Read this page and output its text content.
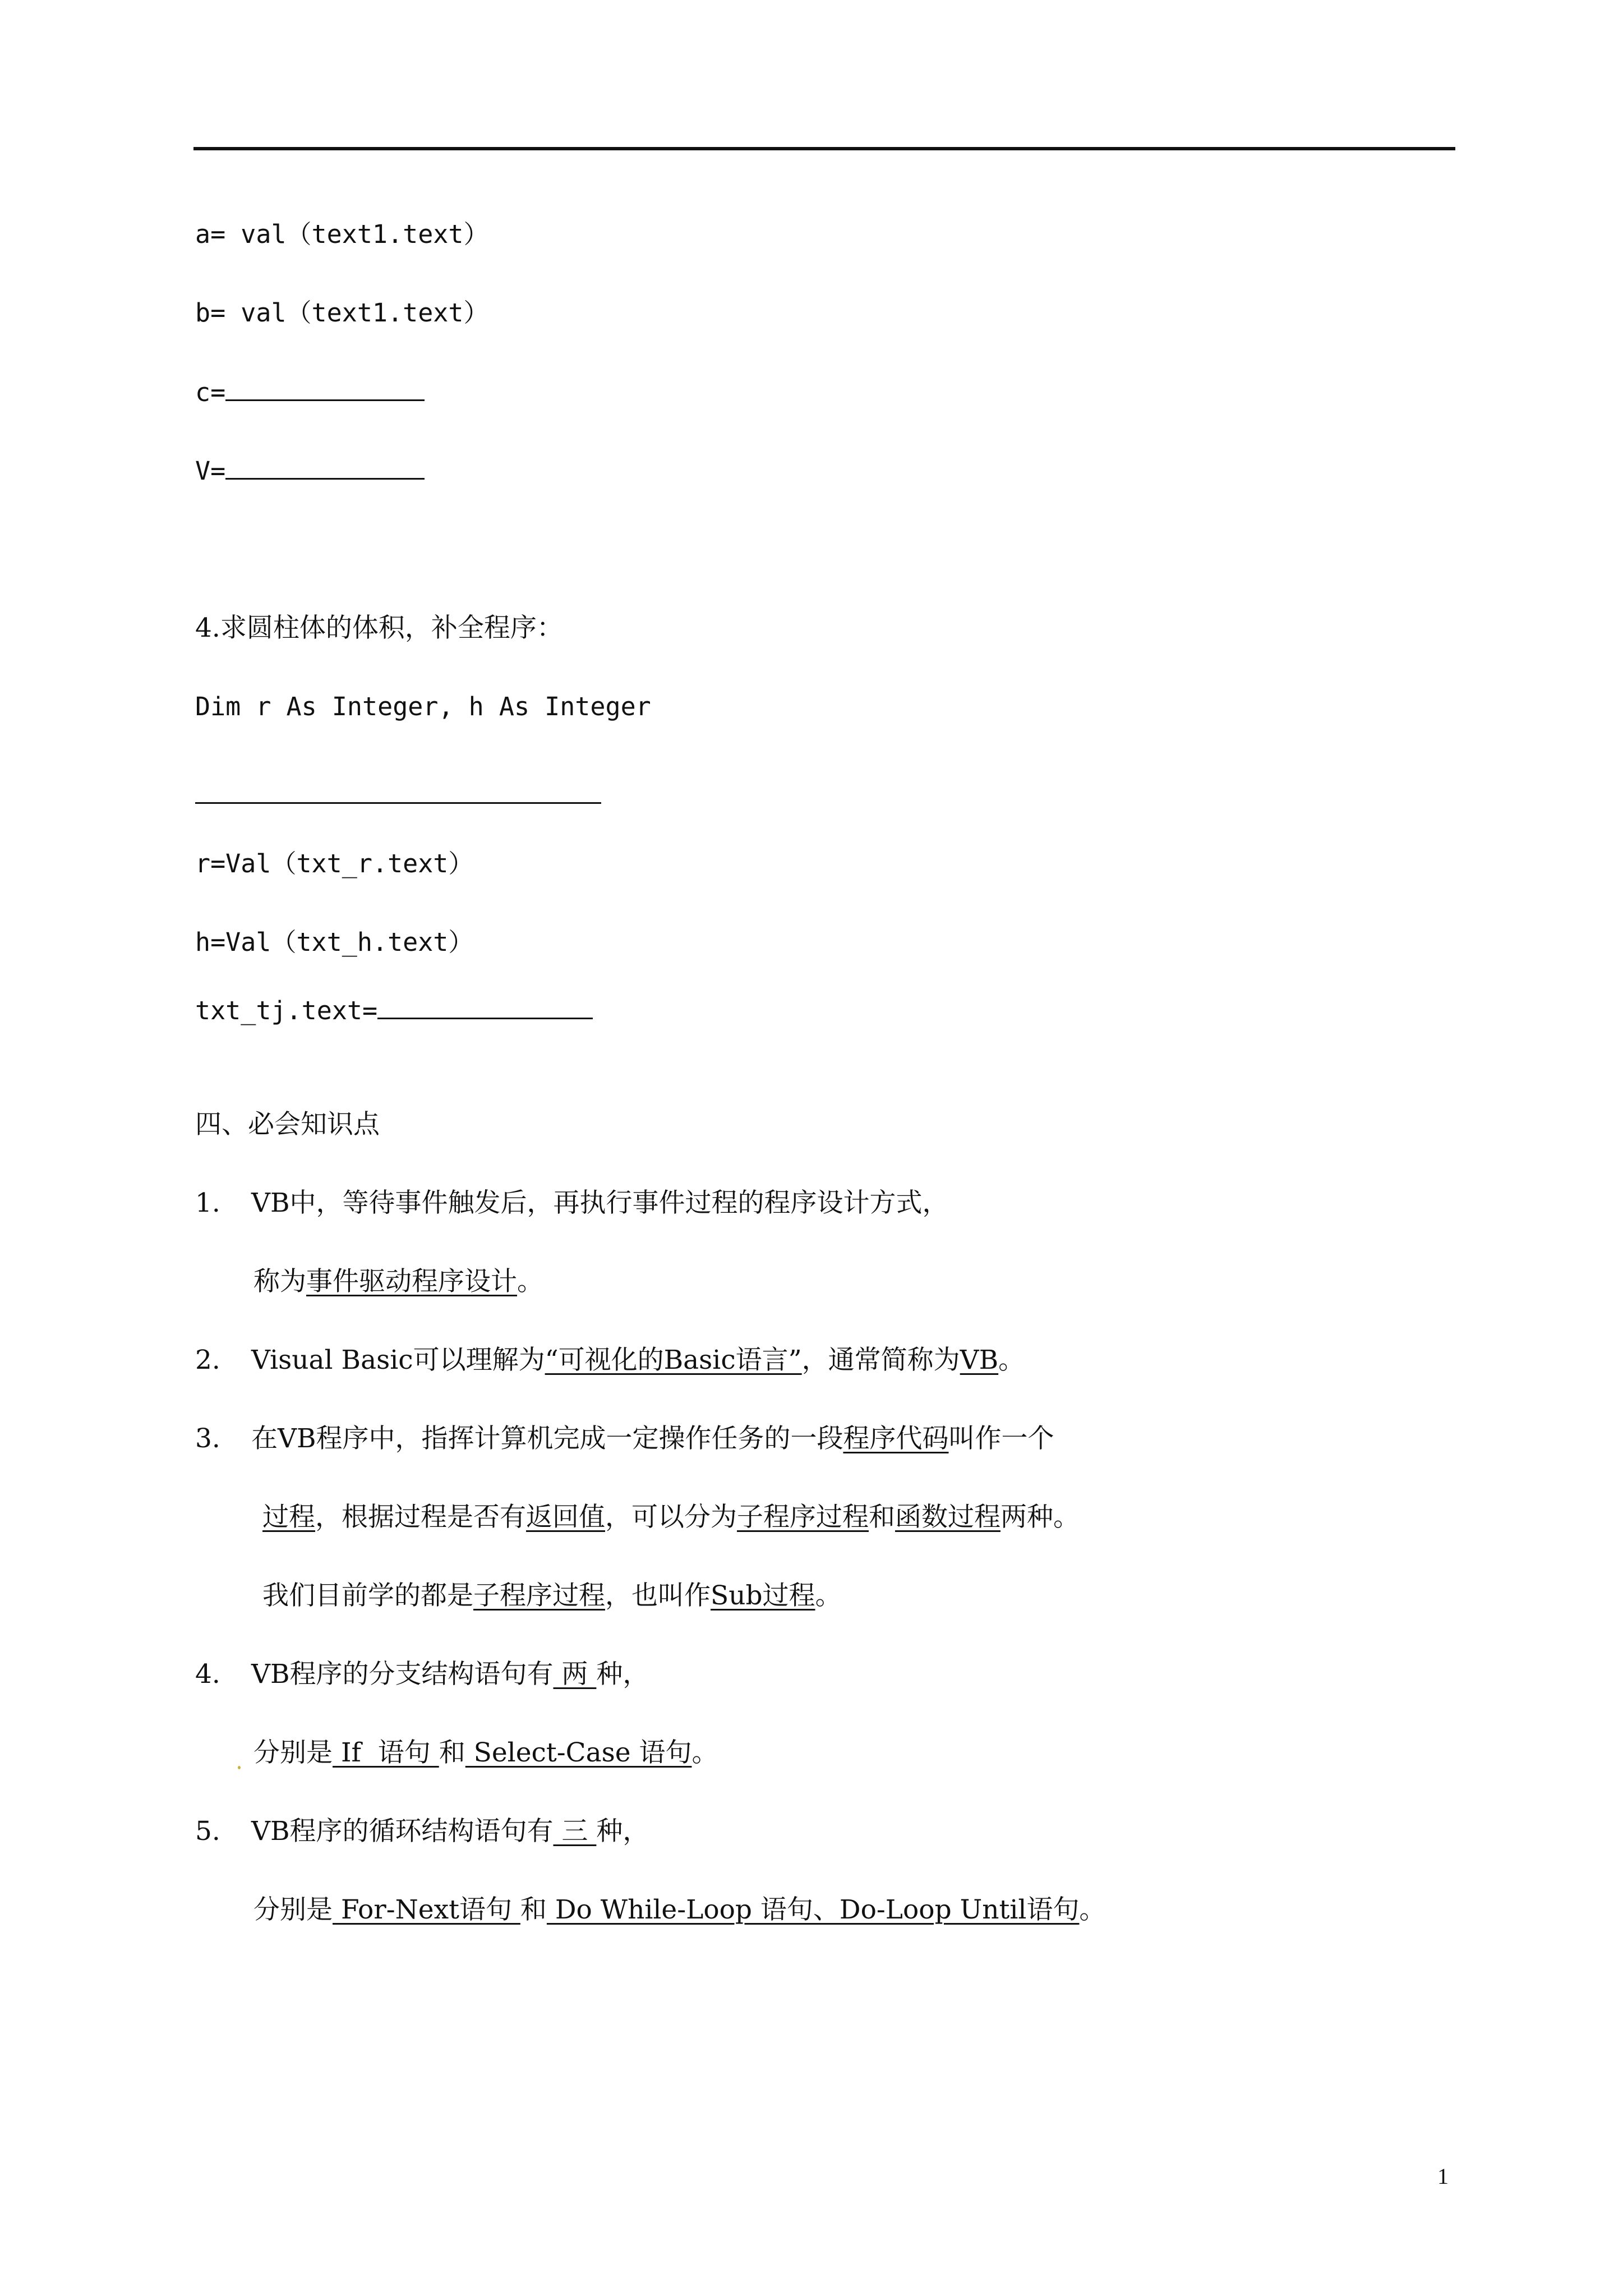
a= val（text1.text）
b= val（text1.text）
c=
V=
4.求圆柱体的体积，补全程序：
Dim r As Integer, h As Integer
r=Val（txt_r.text）
h=Val（txt_h.text）
txt_tj.text=
四、必会知识点
1. VB中，等待事件触发后，再执行事件过程的程序设计方式，
称为事件驱动程序设计。
2. Visual Basic可以理解为“可视化的Basic语言”，通常简称为VB。
3. 在VB程序中，指挥计算机完成一定操作任务的一段程序代码叫作一个
过程，根据过程是否有返回值，可以分为子程序过程和函数过程两种。
我们目前学的都是子程序过程，也叫作Sub过程。
4. VB程序的分支结构语句有 两 种，
分别是 If  语句 和 Select-Case 语句。
5. VB程序的循环结构语句有 三 种，
分别是 For-Next语句 和 Do While-Loop 语句、Do-Loop Until语句。
1
